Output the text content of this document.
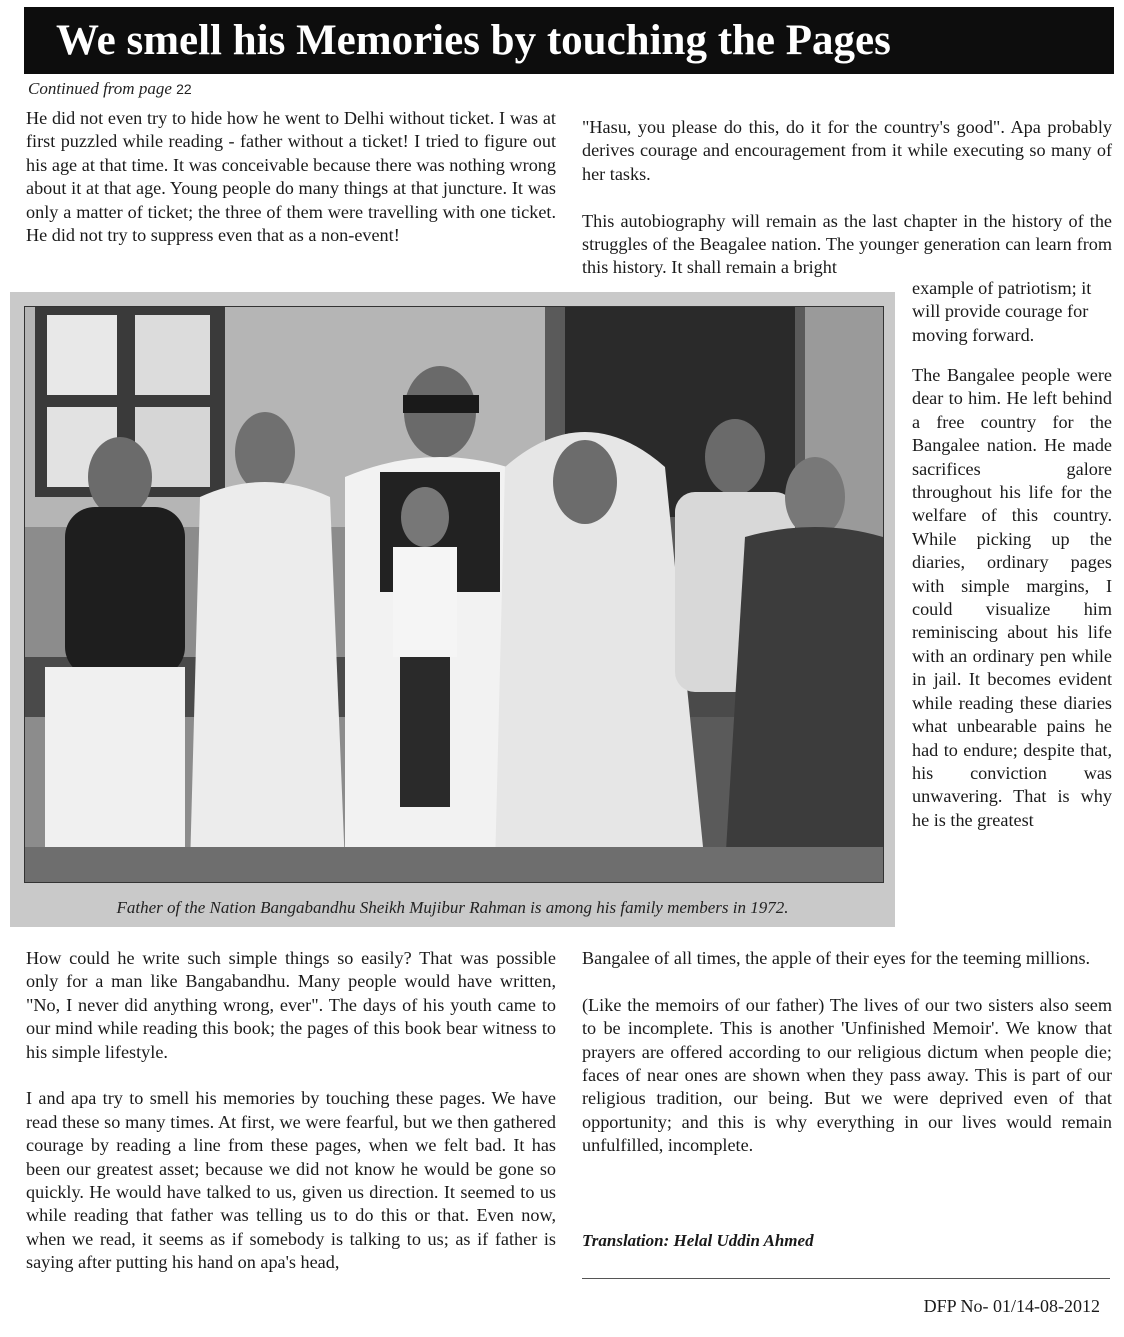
We smell his Memories by touching the Pages
Continued from page 22

He did not even try to hide how he went to Delhi without ticket. I was at first puzzled while reading - father without a ticket! I tried to figure out his age at that time. It was conceivable because there was nothing wrong about it at that age. Young people do many things at that juncture. It was only a matter of ticket; the three of them were travelling with one ticket. He did not try to suppress even that as a non-event!

"Hasu, you please do this, do it for the country's good". Apa probably derives courage and encouragement from it while executing so many of her tasks.

This autobiography will remain as the last chapter in the history of the struggles of the Beagalee nation. The younger generation can learn from this history. It shall remain a bright

example of patriotism; it will provide courage for moving forward.

The Bangalee people were dear to him. He left behind a free country for the Bangalee nation. He made sacrifices galore throughout his life for the welfare of this country. While picking up the diaries, ordinary pages with simple margins, I could visualize him reminiscing about his life with an ordinary pen while in jail. It becomes evident while reading these diaries what unbearable pains he had to endure; despite that, his conviction was unwavering. That is why he is the greatest

Father of the Nation Bangabandhu Sheikh Mujibur Rahman is among his family members in 1972.

How could he write such simple things so easily? That was possible only for a man like Bangabandhu. Many people would have written, "No, I never did anything wrong, ever". The days of his youth came to our mind while reading this book; the pages of this book bear witness to his simple lifestyle.

I and apa try to smell his memories by touching these pages. We have read these so many times. At first, we were fearful, but we then gathered courage by reading a line from these pages, when we felt bad. It has been our greatest asset; because we did not know he would be gone so quickly. He would have talked to us, given us direction. It seemed to us while reading that father was telling us to do this or that. Even now, when we read, it seems as if somebody is talking to us; as if father is saying after putting his hand on apa's head,

Bangalee of all times, the apple of their eyes for the teeming millions.

(Like the memoirs of our father) The lives of our two sisters also seem to be incomplete. This is another 'Unfinished Memoir'. We know that prayers are offered according to our religious dictum when people die; faces of near ones are shown when they pass away. This is part of our religious tradition, our being. But we were deprived even of that opportunity; and this is why everything in our lives would remain unfulfilled, incomplete.

Translation: Helal Uddin Ahmed
DFP No- 01/14-08-2012
